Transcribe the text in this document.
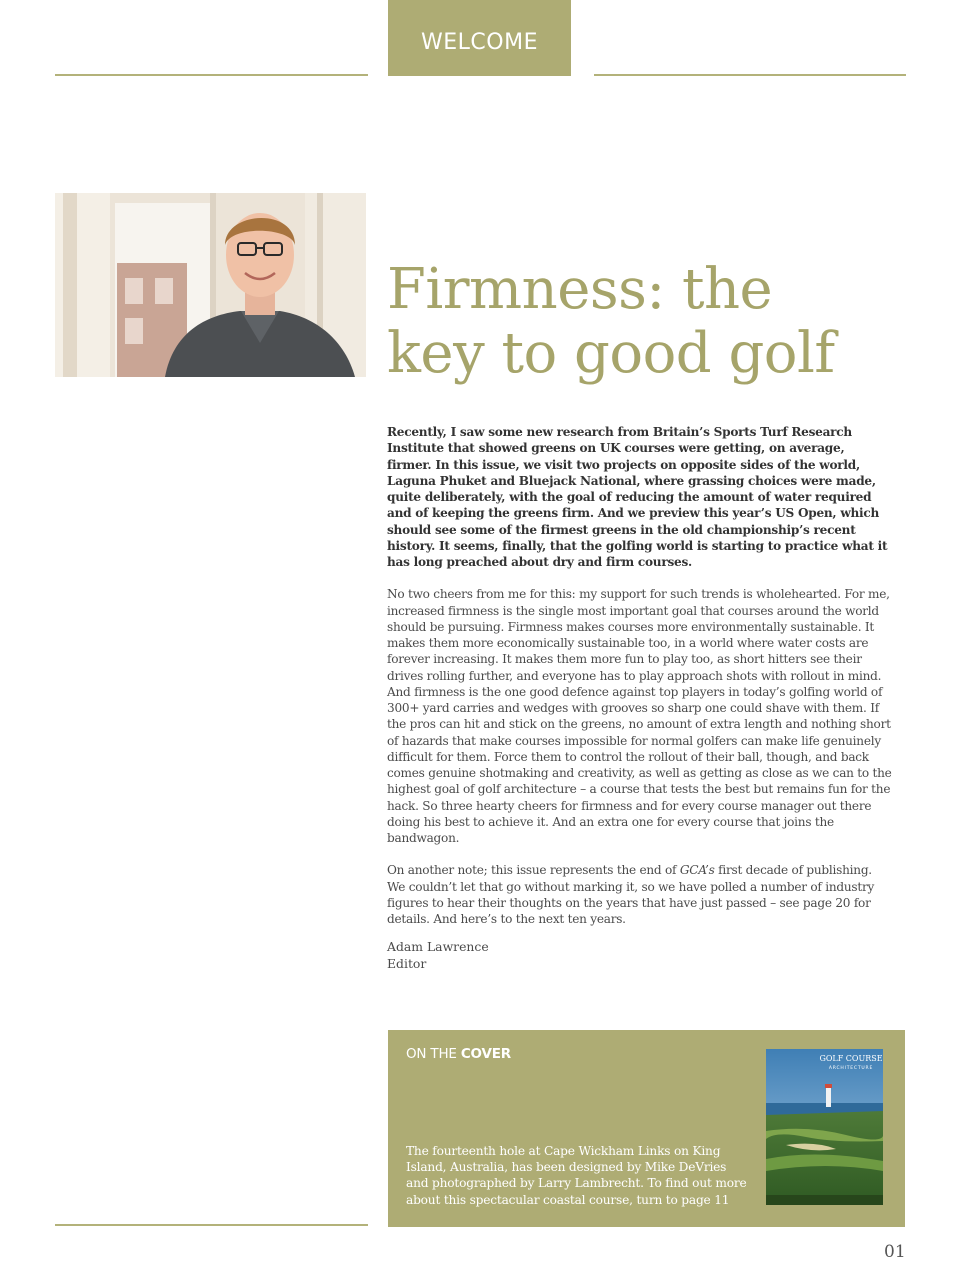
WELCOME
Firmness: the
key to good golf

Recently, I saw some new research from Britain’s Sports Turf Research Institute that showed greens on UK courses were getting, on average, firmer. In this issue, we visit two projects on opposite sides of the world, Laguna Phuket and Bluejack National, where grassing choices were made, quite deliberately, with the goal of reducing the amount of water required and of keeping the greens firm. And we preview this year’s US Open, which should see some of the firmest greens in the old championship’s recent history. It seems, finally, that the golfing world is starting to practice what it has long preached about dry and firm courses.

No two cheers from me for this: my support for such trends is wholehearted. For me, increased firmness is the single most important goal that courses around the world should be pursuing. Firmness makes courses more environmentally sustainable. It makes them more economically sustainable too, in a world where water costs are forever increasing. It makes them more fun to play too, as short hitters see their drives rolling further, and everyone has to play approach shots with rollout in mind. And firmness is the one good defence against top players in today’s golfing world of 300+ yard carries and wedges with grooves so sharp one could shave with them. If the pros can hit and stick on the greens, no amount of extra length and nothing short of hazards that make courses impossible for normal golfers can make life genuinely difficult for them. Force them to control the rollout of their ball, though, and back comes genuine shotmaking and creativity, as well as getting as close as we can to the highest goal of golf architecture – a course that tests the best but remains fun for the hack. So three hearty cheers for firmness and for every course manager out there doing his best to achieve it. And an extra one for every course that joins the bandwagon.

On another note; this issue represents the end of GCA’s first decade of publishing. We couldn’t let that go without marking it, so we have polled a number of industry figures to hear their thoughts on the years that have just passed – see page 20 for details. And here’s to the next ten years.

Adam Lawrence
Editor
ON THE COVER
The fourteenth hole at Cape Wickham Links on King Island, Australia, has been designed by Mike DeVries and photographed by Larry Lambrecht. To find out more about this spectacular coastal course, turn to page 11
GOLF COURSE
ARCHITECTURE
01
